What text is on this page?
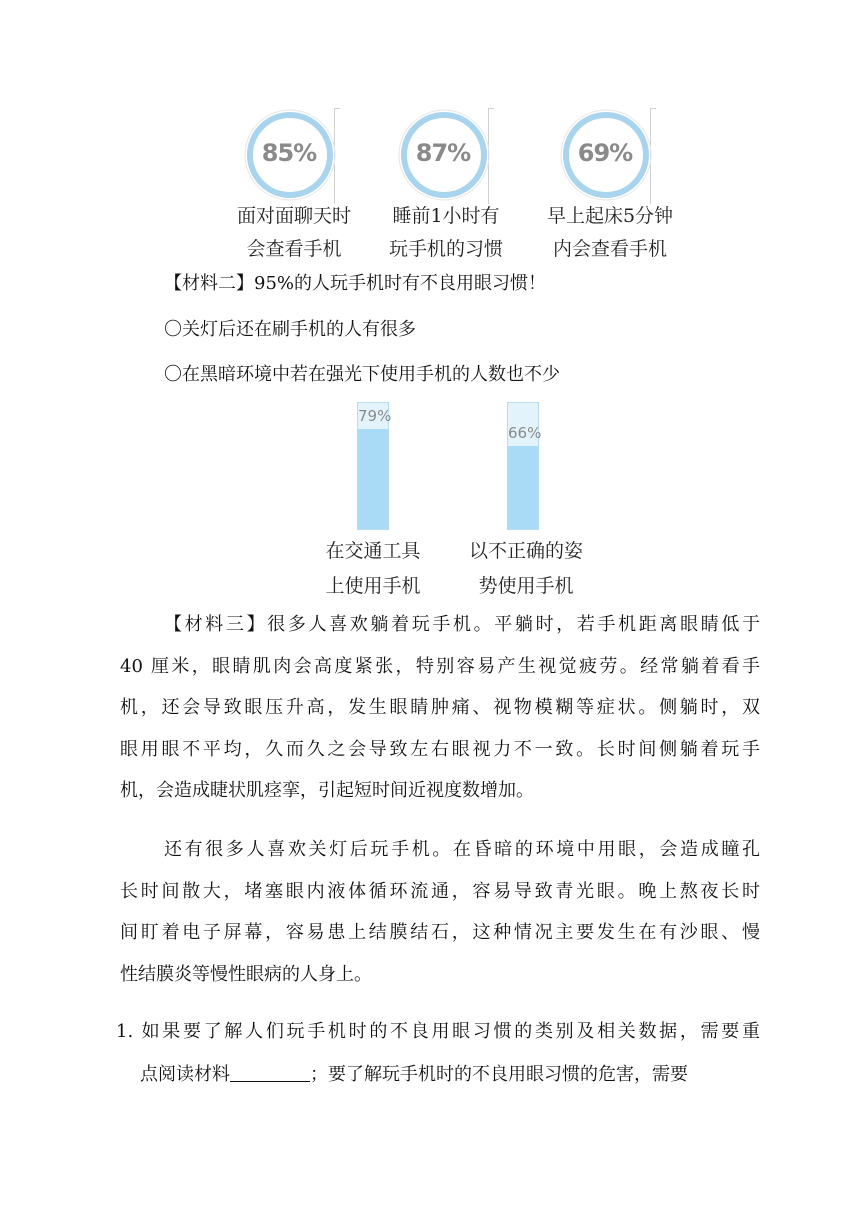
85%	87%	69%
面对面聊天时
会查看手机
睡前1小时有
玩手机的习惯
早上起床5分钟
内会查看手机
【材料二】95%的人玩手机时有不良用眼习惯！
〇关灯后还在刷手机的人有很多
〇在黑暗环境中若在强光下使用手机的人数也不少
79%
66%
在交通工具
上使用手机
以不正确的姿
势使用手机
【材料三】很多人喜欢躺着玩手机。平躺时，若手机距离眼睛低于
40 厘米，眼睛肌肉会高度紧张，特别容易产生视觉疲劳。经常躺着看手
机，还会导致眼压升高，发生眼睛肿痛、视物模糊等症状。侧躺时，双
眼用眼不平均，久而久之会导致左右眼视力不一致。长时间侧躺着玩手
机，会造成睫状肌痉挛，引起短时间近视度数增加。
还有很多人喜欢关灯后玩手机。在昏暗的环境中用眼，会造成瞳孔
长时间散大，堵塞眼内液体循环流通，容易导致青光眼。晚上熬夜长时
间盯着电子屏幕，容易患上结膜结石，这种情况主要发生在有沙眼、慢
性结膜炎等慢性眼病的人身上。
1. 如果要了解人们玩手机时的不良用眼习惯的类别及相关数据，需要重
点阅读材料	；要了解玩手机时的不良用眼习惯的危害，需要
